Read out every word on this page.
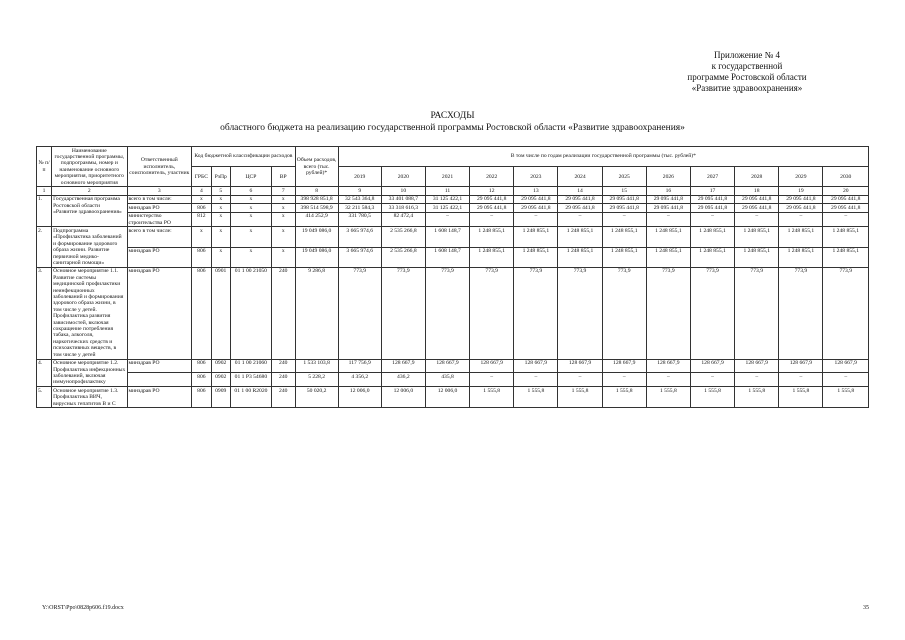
Приложение № 4
к государственной
программе Ростовской области
«Развитие здравоохранения»
РАСХОДЫ
областного бюджета на реализацию государственной программы Ростовской области «Развитие здравоохранения»
№ п/п	Наименование государственной программы, подпрограммы, номер и наименование основного мероприятия, приоритетного основного мероприятия	Ответственный исполнитель, соисполнитель, участник	Код бюджетной классификации расходов				Объем расходов, всего (тыс. рублей)*	В том числе по годам реализации государственной программы (тыс. рублей)*											
			ГРБС	РзПр	ЦСР	ВР		2019	2020	2021	2022	2023	2024	2025	2026	2027	2028	2029	2030
1	2	3	4	5	6	7	8	9	10	11	12	13	14	15	16	17	18	19	20
1.	Государственная программа Ростовской области «Развитие здравоохранения»	всего в том числе:	x	x	x	x	398 928 851,8	32 543 364,8	33 401 088,7	31 125 422,1	29 095 441,8	29 095 441,8	29 095 441,8	29 095 441,8	29 095 441,8	29 095 441,8	29 095 441,8	29 095 441,8	29 095 441,8
		минздрав РО	806	x	x	x	398 514 598,9	32 211 584,3	33 318 616,3	31 125 422,1	29 095 441,8	29 095 441,8	29 095 441,8	29 095 441,8	29 095 441,8	29 095 441,8	29 095 441,8	29 095 441,8	29 095 441,8
		министерство строительства РО	812	x	x	x	414 252,9	331 780,5	82 472,4	–	–	–	–	–	–	–	–	–	–
2.	Подпрограмма «Профилактика заболеваний и формирование здорового образа жизни. Развитие первичной медико-санитарной помощи»	всего в том числе:	x	x	x	x	19 049 086,0	3 665 974,6	2 535 266,8	1 608 148,7	1 248 855,1	1 248 855,1	1 248 855,1	1 248 855,1	1 248 855,1	1 248 855,1	1 248 855,1	1 248 855,1	1 248 855,1
		минздрав РО	806	x	x	x	19 049 086,0	3 665 974,6	2 535 266,8	1 608 148,7	1 248 855,1	1 248 855,1	1 248 855,1	1 248 855,1	1 248 855,1	1 248 855,1	1 248 855,1	1 248 855,1	1 248 855,1
3.	Основное мероприятие 1.1. Развитие системы медицинской профилактики неинфекционных заболеваний и формирования здорового образа жизни, в том числе у детей. Профилактика развития зависимостей, включая сокращение потребления табака, алкоголя, наркотических средств и психоактивных веществ, в том числе у детей	минздрав РО	806	0901	01 1 00 21050	240	9 286,8	773,9	773,9	773,9	773,9	773,9	773,9	773,9	773,9	773,9	773,9	773,9	773,9
4.	Основное мероприятие 1.2. Профилактика инфекционных заболеваний, включая иммунопрофилактику	минздрав РО	806	0902	01 1 00 21060	240	1 533 103,8	117 756,9	128 667,9	128 667,9	128 667,9	128 667,9	128 667,9	128 667,9	128 667,9	128 667,9	128 667,9	128 667,9	128 667,9
			806	0902	01 1 P3 54680	240	5 228,2	4 356,2	436,2	435,8	–	–	–	–	–	–	–	–	–
5.	Основное мероприятие 1.3. Профилактика ВИЧ, вирусных гепатитов В и С	минздрав РО	806	0909	01 1 00 R2020	240	50 020,2	12 006,0	12 006,0	12 006,0	1 555,8	1 555,8	1 555,8	1 555,8	1 555,8	1 555,8	1 555,8	1 555,8	1 555,8
Y:\ORST\Ppo\0828p606.f19.docx	35
